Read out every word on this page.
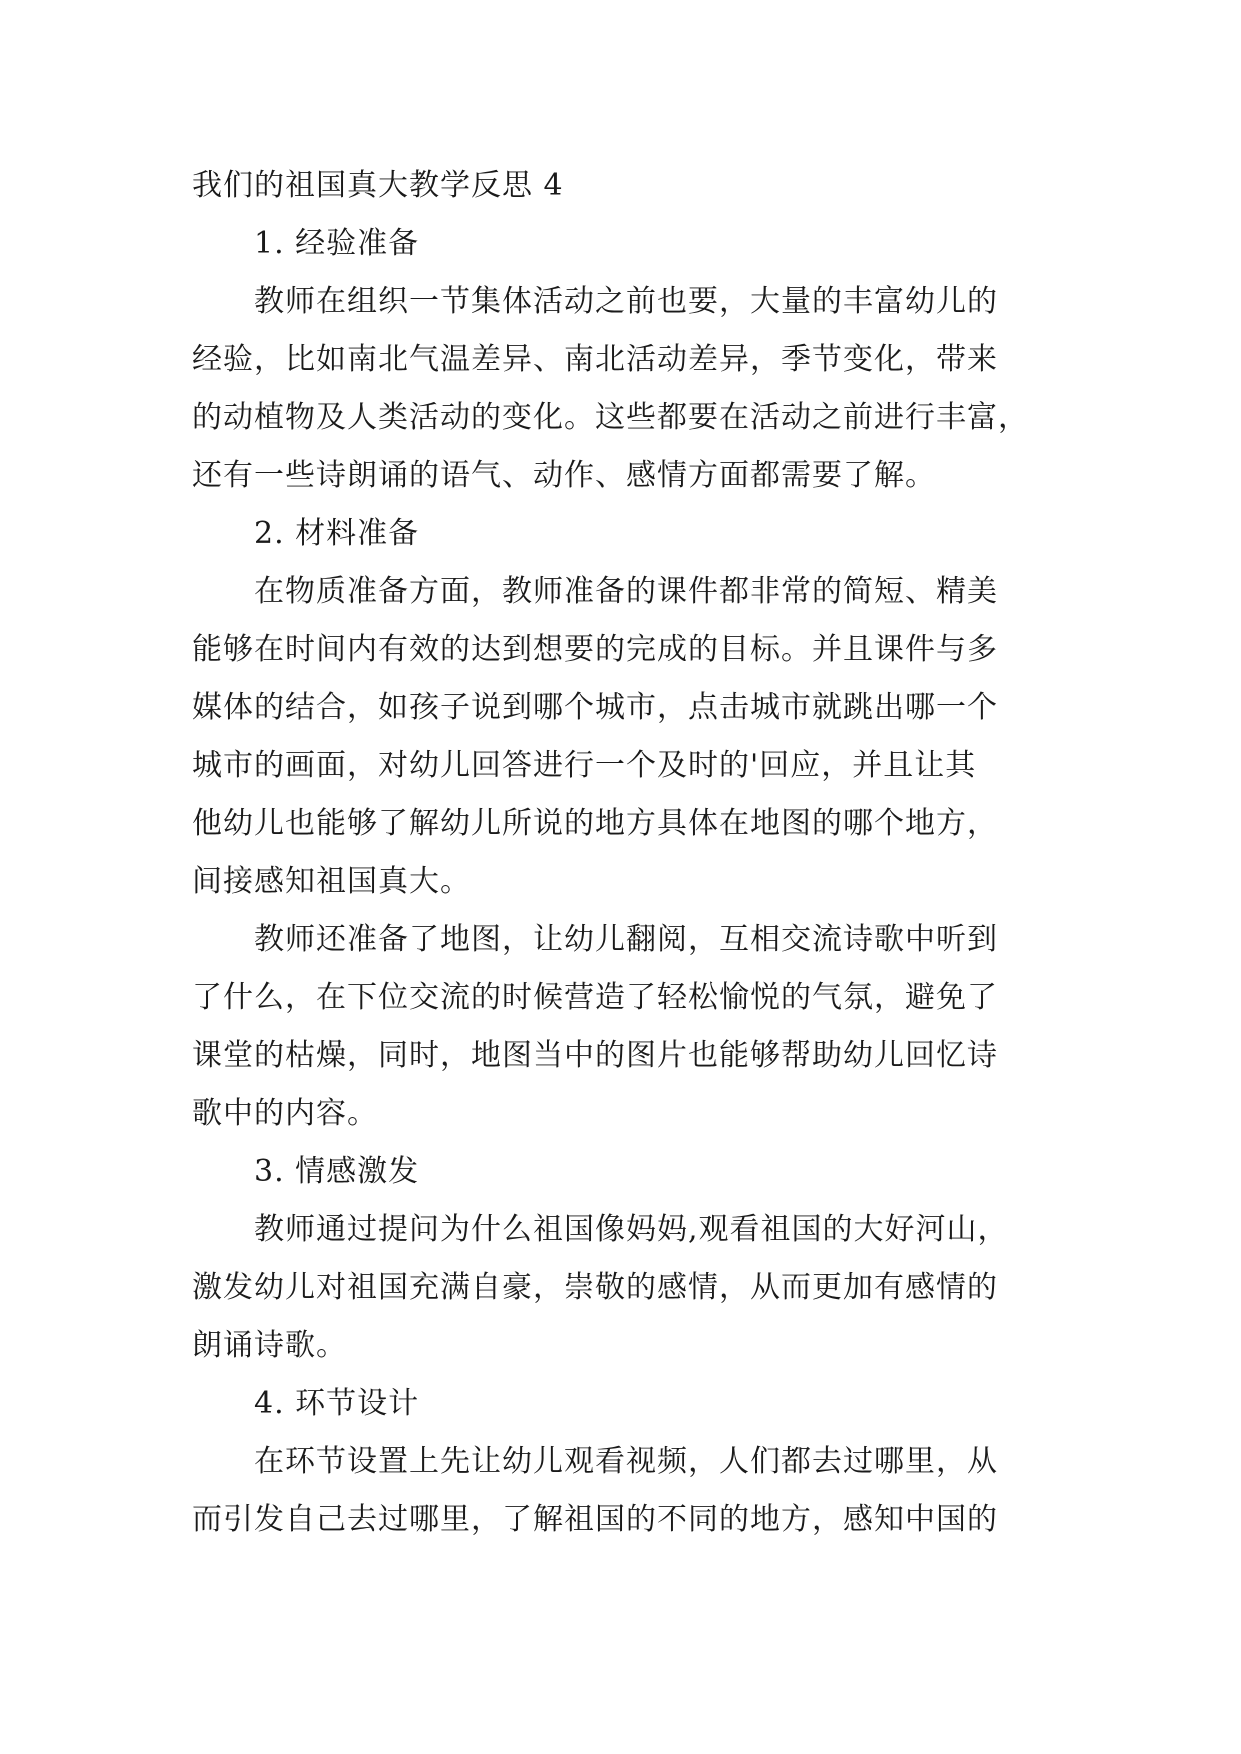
我们的祖国真大教学反思 4
1. 经验准备
教师在组织一节集体活动之前也要，大量的丰富幼儿的
经验，比如南北气温差异、南北活动差异，季节变化，带来
的动植物及人类活动的变化。这些都要在活动之前进行丰富，
还有一些诗朗诵的语气、动作、感情方面都需要了解。
2. 材料准备
在物质准备方面，教师准备的课件都非常的简短、精美
能够在时间内有效的达到想要的完成的目标。并且课件与多
媒体的结合，如孩子说到哪个城市，点击城市就跳出哪一个
城市的画面，对幼儿回答进行一个及时的'回应，并且让其
他幼儿也能够了解幼儿所说的地方具体在地图的哪个地方，
间接感知祖国真大。
教师还准备了地图，让幼儿翻阅，互相交流诗歌中听到
了什么，在下位交流的时候营造了轻松愉悦的气氛，避免了
课堂的枯燥，同时，地图当中的图片也能够帮助幼儿回忆诗
歌中的内容。
3. 情感激发
教师通过提问为什么祖国像妈妈,观看祖国的大好河山，
激发幼儿对祖国充满自豪，崇敬的感情，从而更加有感情的
朗诵诗歌。
4. 环节设计
在环节设置上先让幼儿观看视频，人们都去过哪里，从
而引发自己去过哪里，了解祖国的不同的地方，感知中国的
